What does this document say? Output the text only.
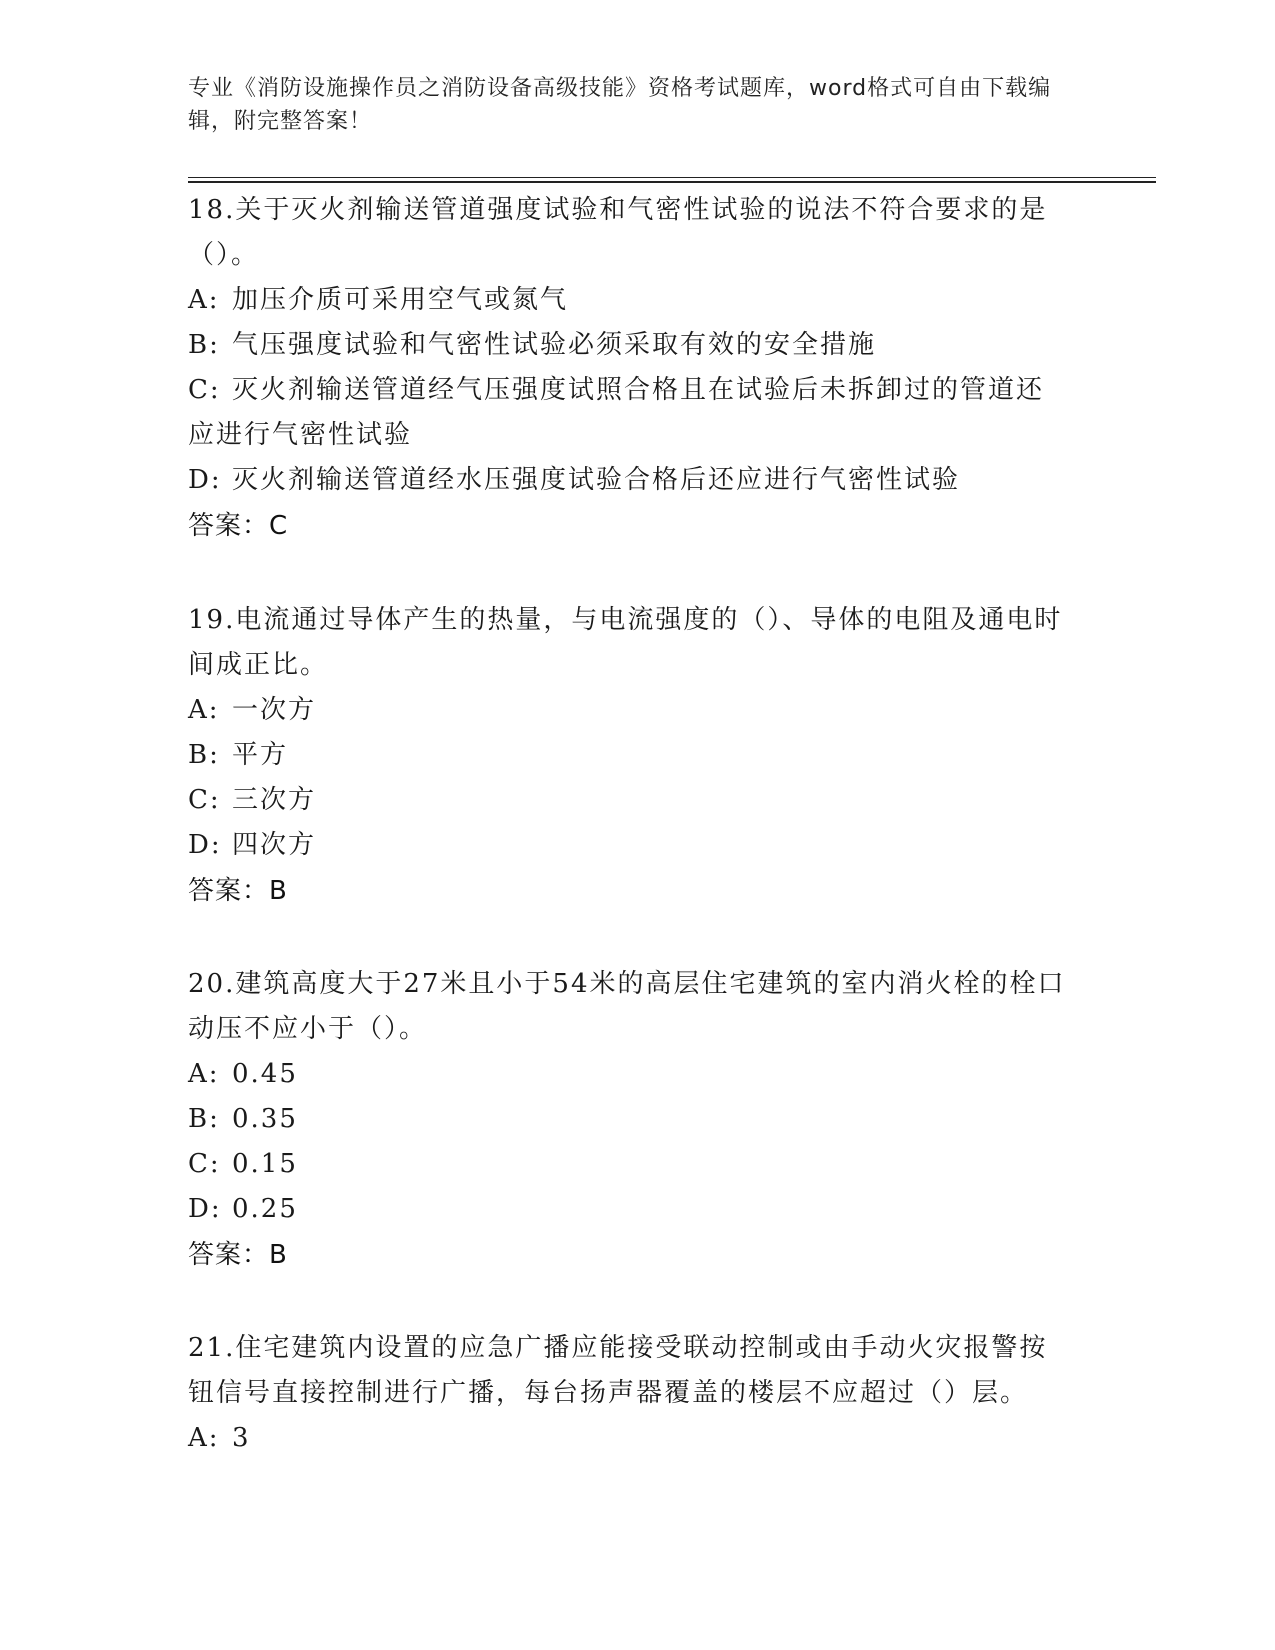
专业《消防设施操作员之消防设备高级技能》资格考试题库，word格式可自由下载编辑，附完整答案！

18.关于灭火剂输送管道强度试验和气密性试验的说法不符合要求的是（）。

A: 加压介质可采用空气或氮气

B: 气压强度试验和气密性试验必须采取有效的安全措施

C: 灭火剂输送管道经气压强度试照合格且在试验后未拆卸过的管道还应进行气密性试验

D: 灭火剂输送管道经水压强度试验合格后还应进行气密性试验

答案：C

19.电流通过导体产生的热量，与电流强度的（）、导体的电阻及通电时间成正比。

A: 一次方

B: 平方

C: 三次方

D: 四次方

答案：B

20.建筑高度大于27米且小于54米的高层住宅建筑的室内消火栓的栓口动压不应小于（）。

A: 0.45

B: 0.35

C: 0.15

D: 0.25

答案：B

21.住宅建筑内设置的应急广播应能接受联动控制或由手动火灾报警按钮信号直接控制进行广播，每台扬声器覆盖的楼层不应超过（）层。

A: 3
